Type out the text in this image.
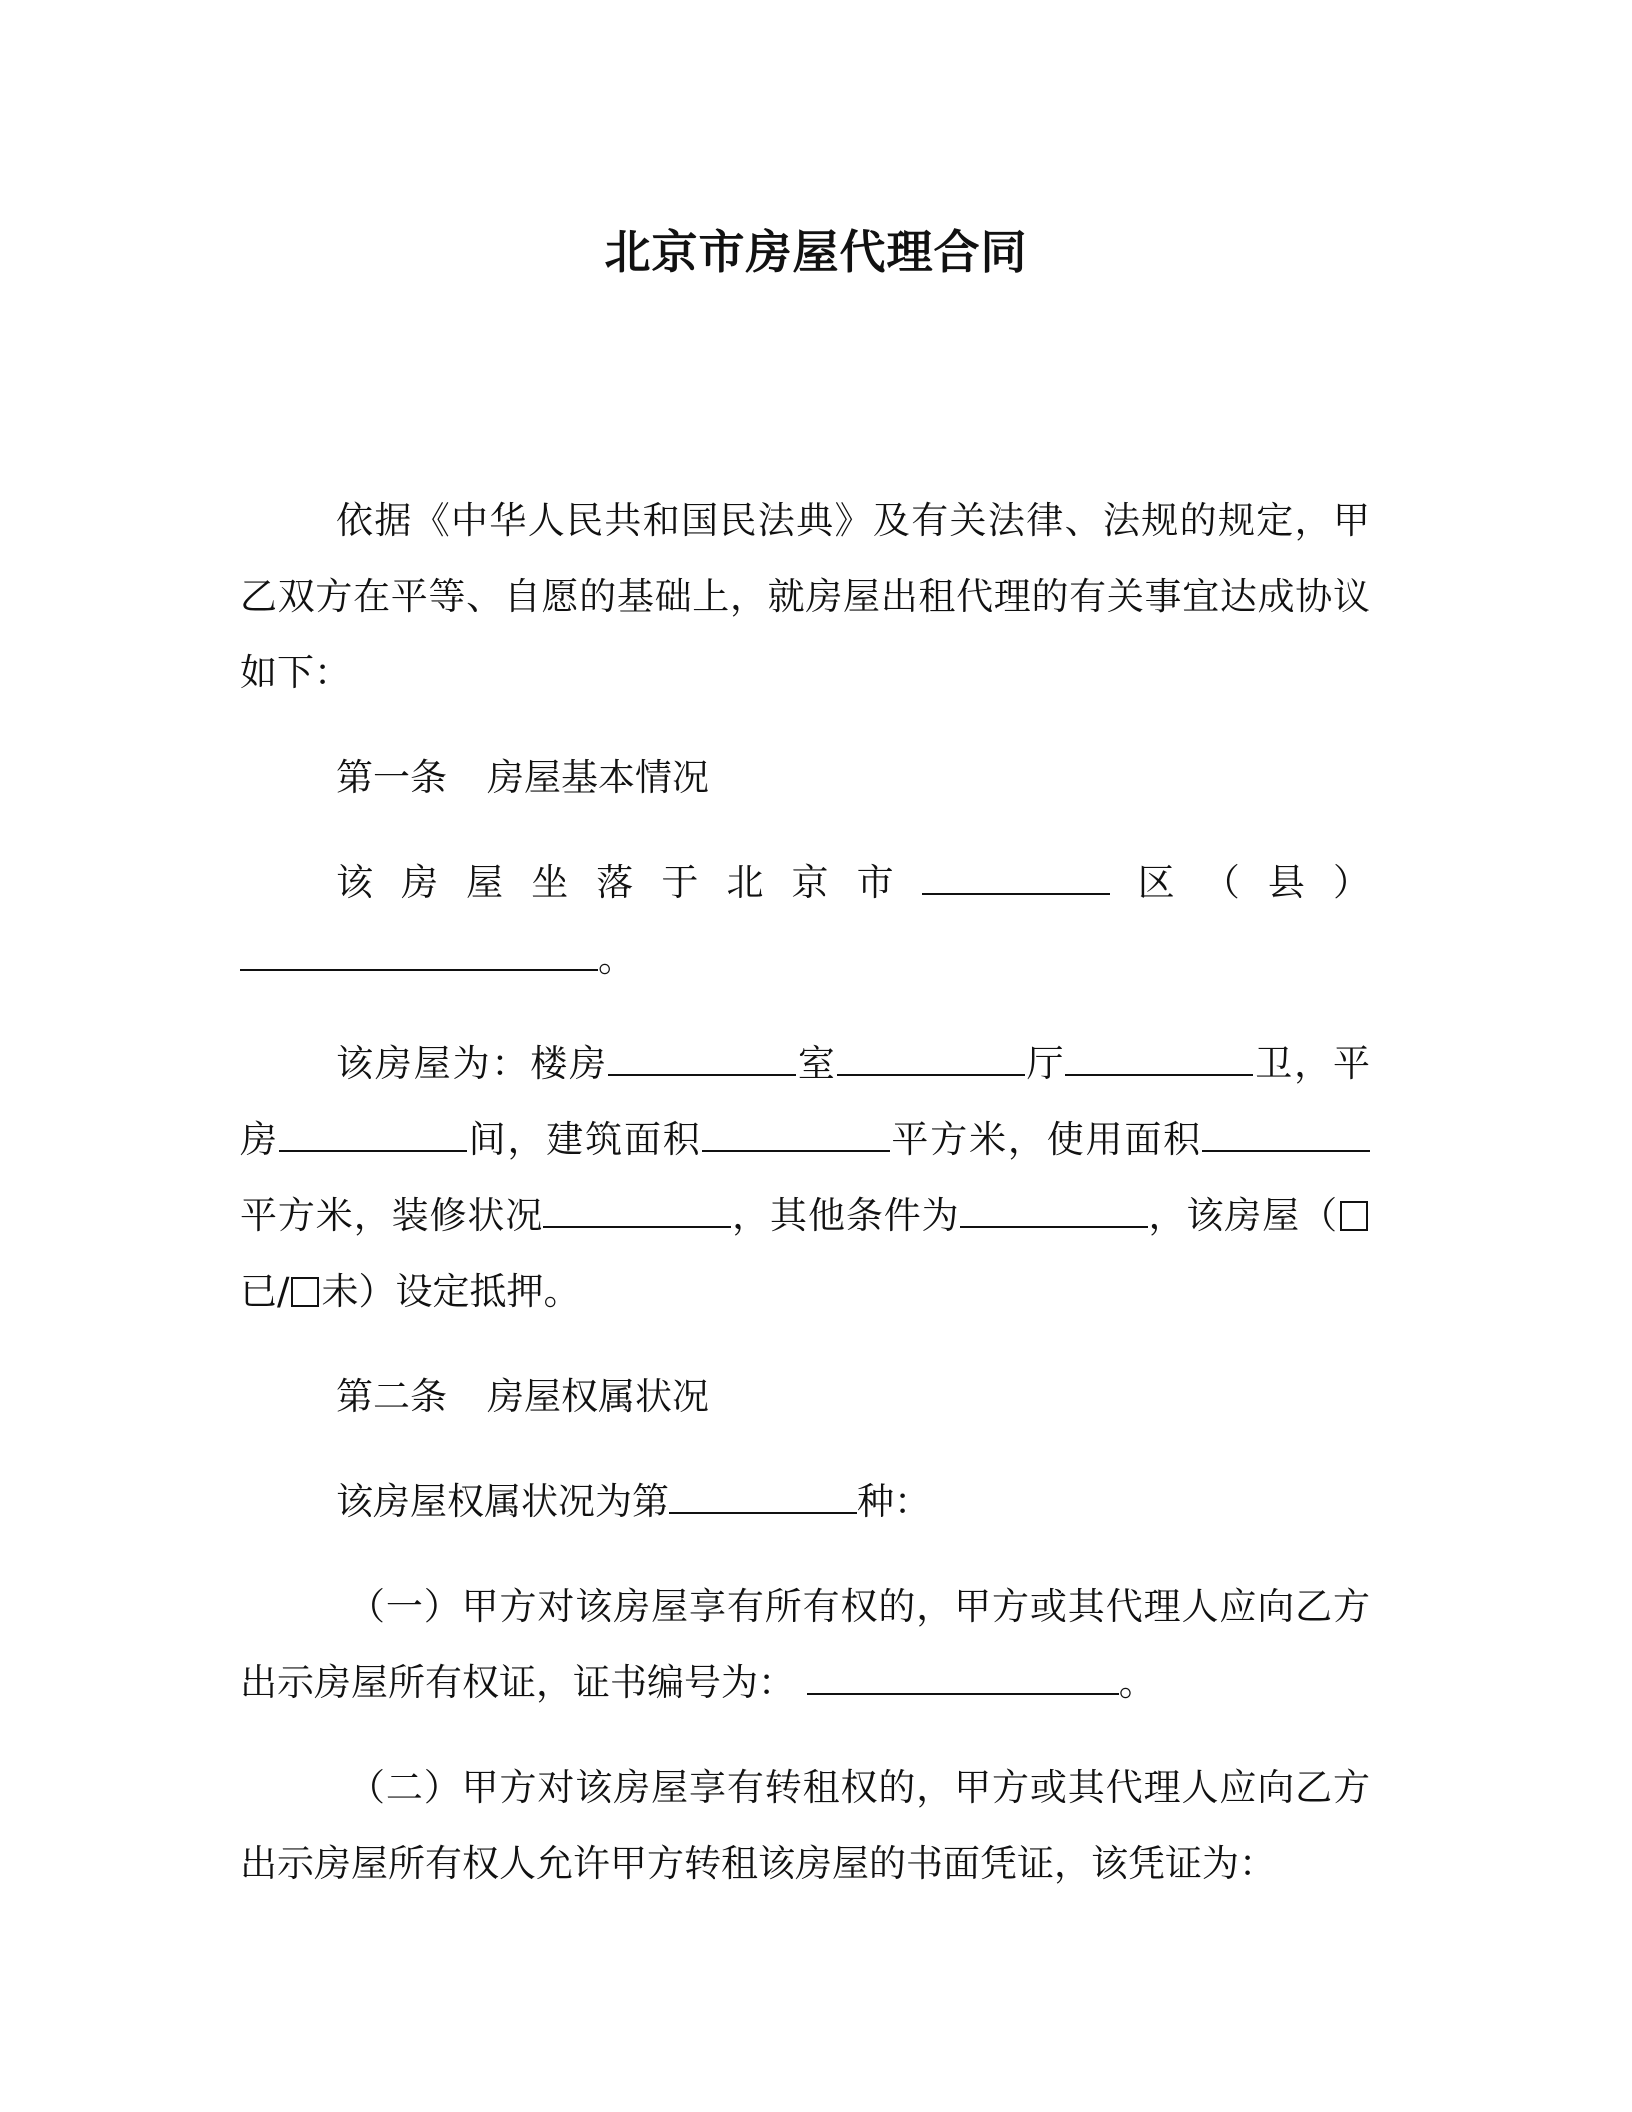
北京市房屋代理合同

依据《中华人民共和国民法典》及有关法律、法规的规定，甲乙双方在平等、自愿的基础上，就房屋出租代理的有关事宜达成协议如下：

第一条 房屋基本情况

该房屋坐落于北京市	区（县） 。

该房屋为：楼房	室	厅	卫，平房	间，建筑面积	平方米，使用面积平方米，装修状况	，其他条件为	，该房屋（已/ 未）设定抵押。

第二条 房屋权属状况

该房屋权属状况为第	种：

（一）甲方对该房屋享有所有权的，甲方或其代理人应向乙方出示房屋所有权证，证书编号为：	。

（二）甲方对该房屋享有转租权的，甲方或其代理人应向乙方出示房屋所有权人允许甲方转租该房屋的书面凭证，该凭证为：
